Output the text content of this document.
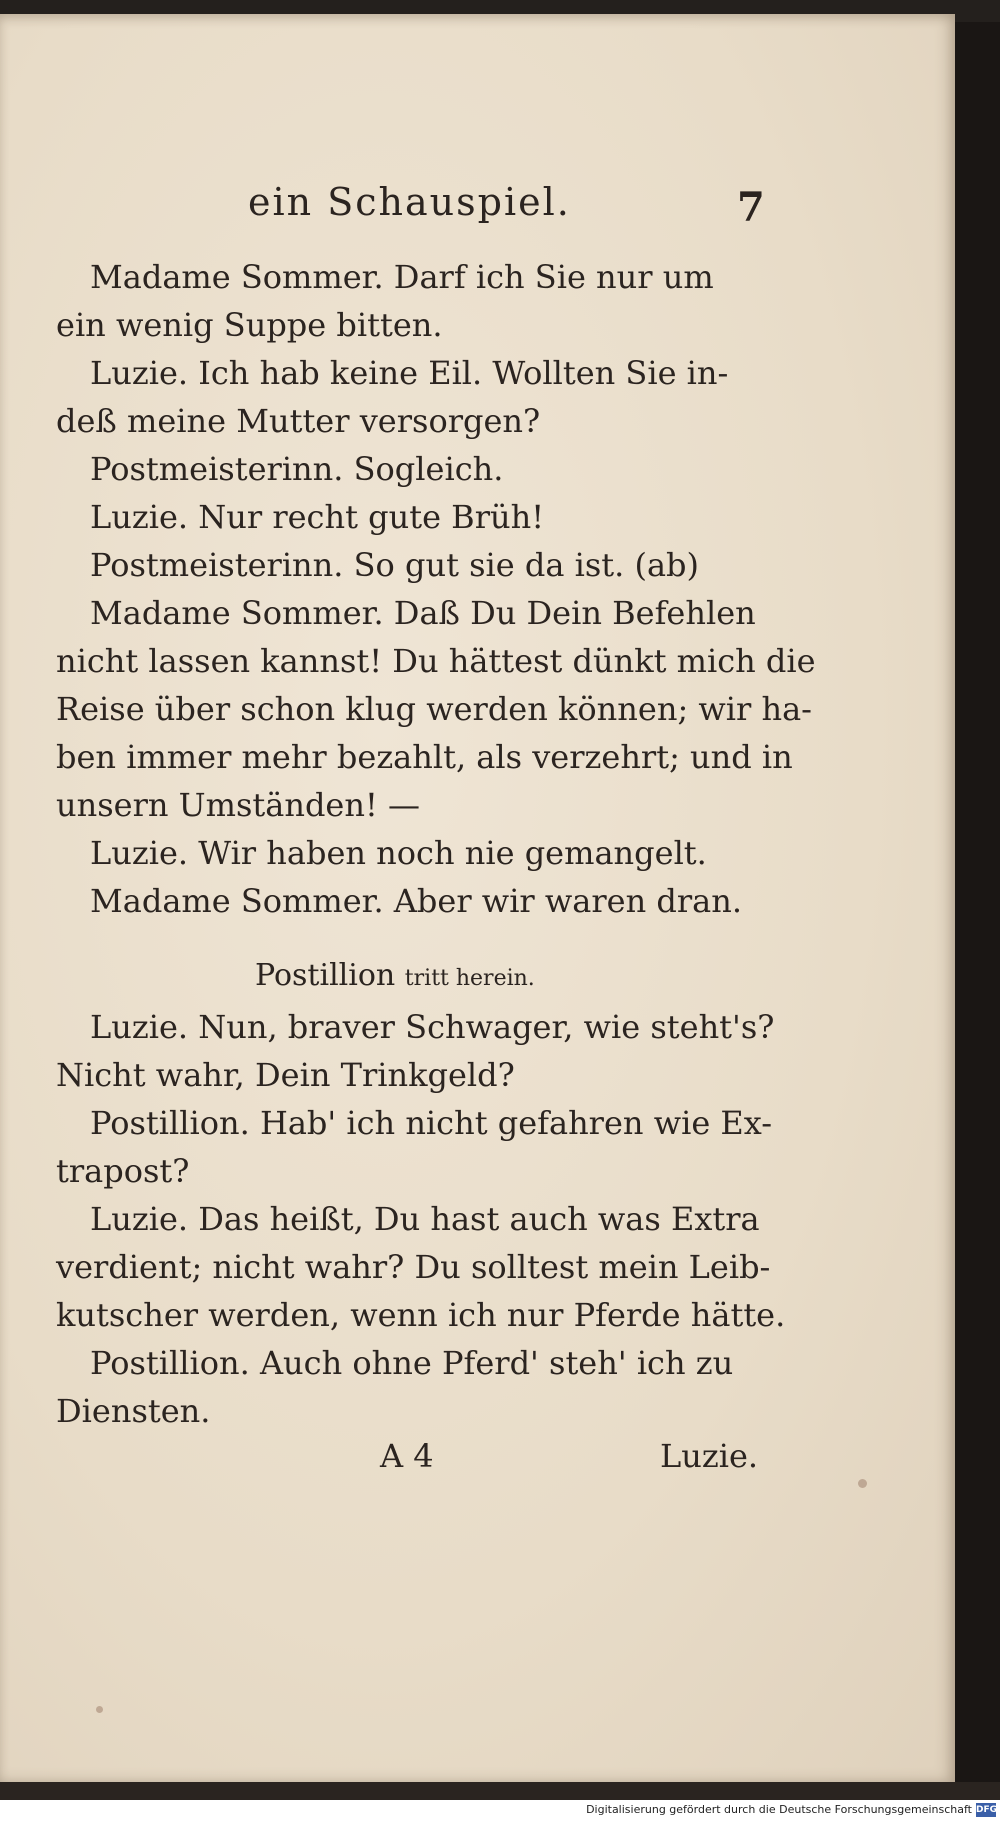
ein Schauspiel.	7
Madame Sommer. Darf ich Sie nur um
ein wenig Suppe bitten.
Luzie. Ich hab keine Eil. Wollten Sie in-
deß meine Mutter versorgen?
Postmeisterinn. Sogleich.
Luzie. Nur recht gute Brüh!
Postmeisterinn. So gut sie da ist. (ab)
Madame Sommer. Daß Du Dein Befehlen
nicht lassen kannst! Du hättest dünkt mich die
Reise über schon klug werden können; wir ha-
ben immer mehr bezahlt, als verzehrt; und in
unsern Umständen! —
Luzie. Wir haben noch nie gemangelt.
Madame Sommer. Aber wir waren dran.
Postillion tritt herein.
Luzie. Nun, braver Schwager, wie steht's?
Nicht wahr, Dein Trinkgeld?
Postillion. Hab' ich nicht gefahren wie Ex-
trapost?
Luzie. Das heißt, Du hast auch was Extra
verdient; nicht wahr? Du solltest mein Leib-
kutscher werden, wenn ich nur Pferde hätte.
Postillion. Auch ohne Pferd' steh' ich zu
Diensten.
A 4	Luzie.
Digitalisierung gefördert durch die Deutsche Forschungsgemeinschaft DFG
